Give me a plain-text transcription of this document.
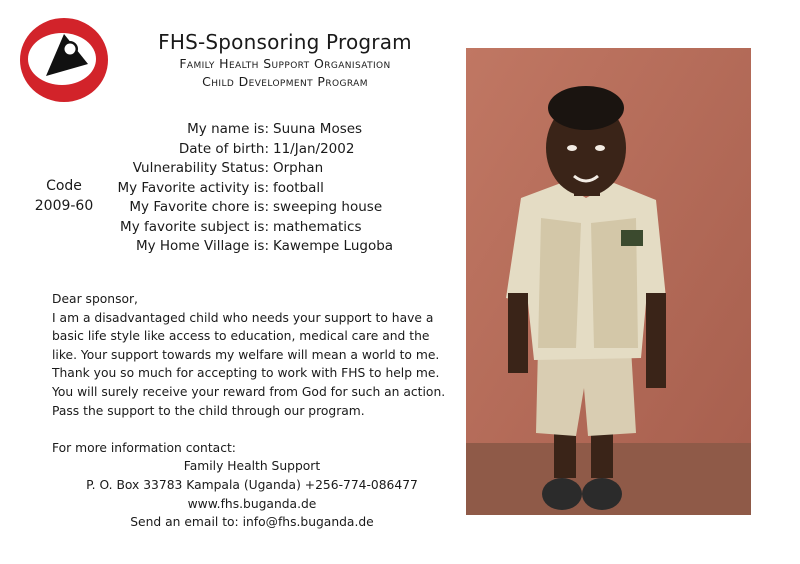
FHS-Sponsoring Program
Family Health Support Organisation
Child Development Program
Code
2009-60
My name is: Suuna Moses
Date of birth: 11/Jan/2002
Vulnerability Status: Orphan
My Favorite activity is: football
My Favorite chore is: sweeping house
My favorite subject is: mathematics
My Home Village is: Kawempe Lugoba

Dear sponsor,

I am a disadvantaged child who needs your support to have a basic life style like access to education, medical care and the like. Your support towards my welfare will mean a world to me. Thank you so much for accepting to work with FHS to help me. You will surely receive your reward from God for such an action.

Pass the support to the child through our program.

For more information contact:

Family Health Support

P. O. Box 33783 Kampala (Uganda) +256-774-086477

www.fhs.buganda.de

Send an email to: info@fhs.buganda.de
